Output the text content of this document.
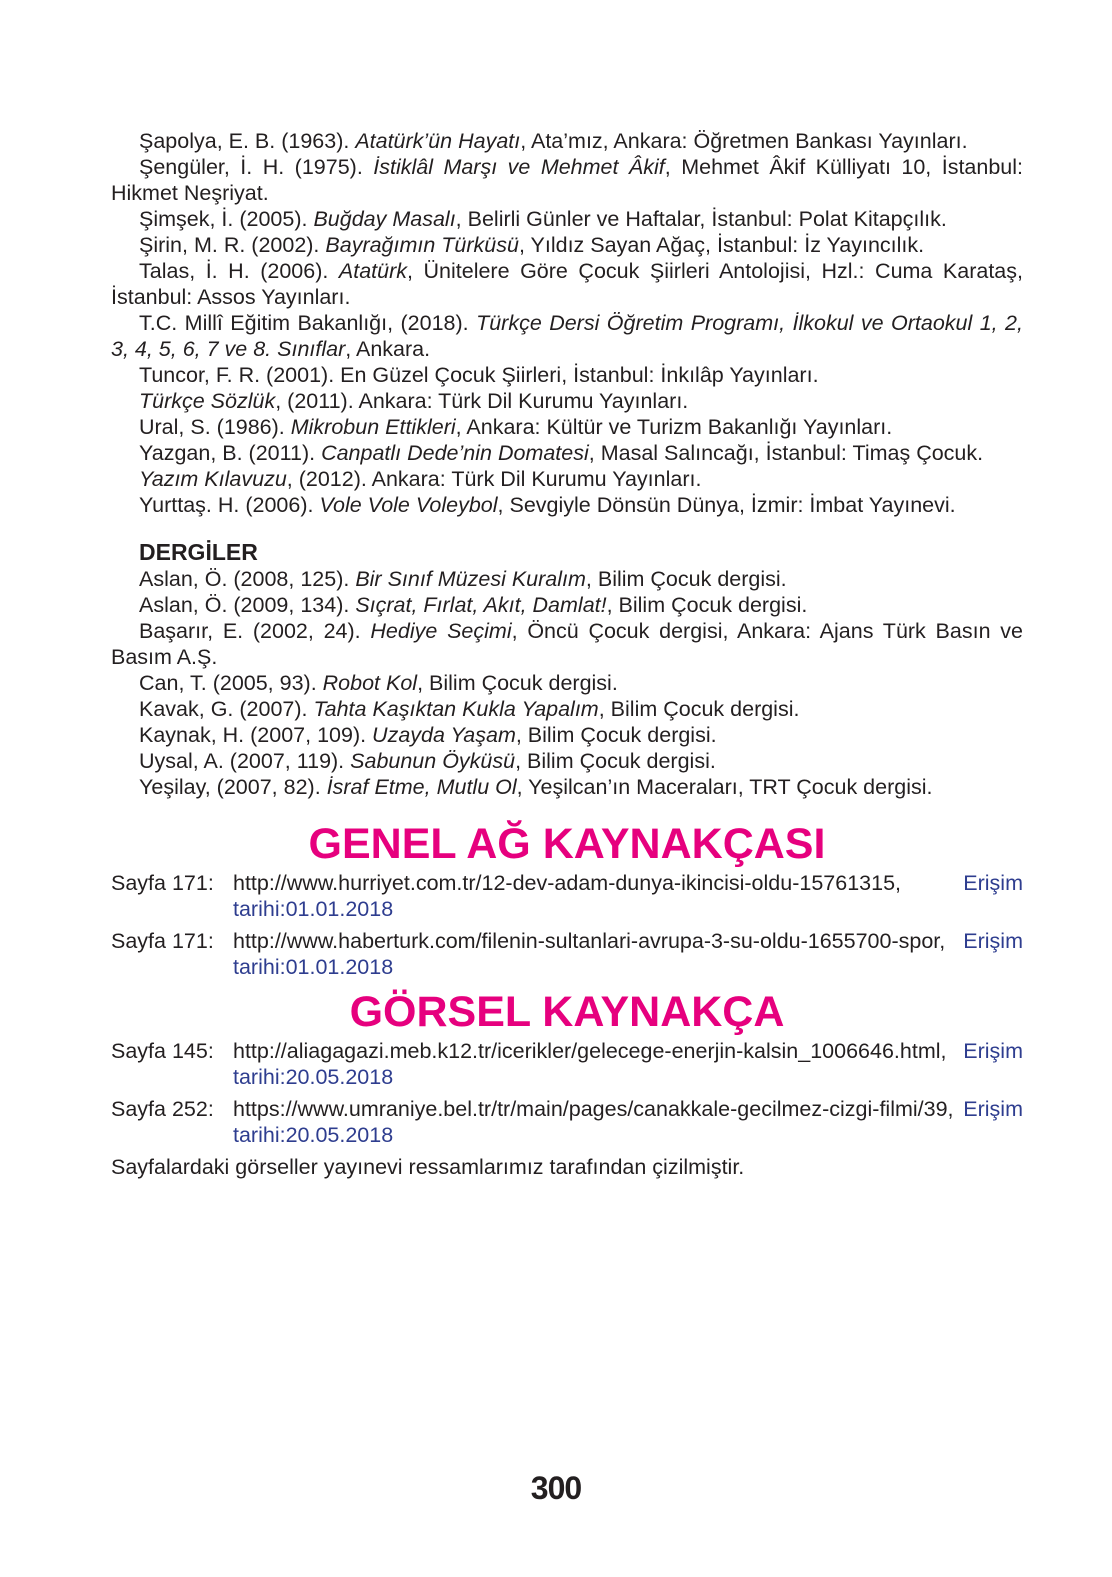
Şapolya, E. B. (1963). Atatürk’ün Hayatı, Ata’mız, Ankara: Öğretmen Bankası Yayınları.

Şengüler, İ. H. (1975). İstiklâl Marşı ve Mehmet Âkif, Mehmet Âkif Külliyatı 10, İstanbul: Hikmet Neşriyat.

Şimşek, İ. (2005). Buğday Masalı, Belirli Günler ve Haftalar, İstanbul: Polat Kitapçılık.

Şirin, M. R. (2002). Bayrağımın Türküsü, Yıldız Sayan Ağaç, İstanbul: İz Yayıncılık.

Talas, İ. H. (2006). Atatürk, Ünitelere Göre Çocuk Şiirleri Antolojisi, Hzl.: Cuma Karataş, İstanbul: Assos Yayınları.

T.C. Millî Eğitim Bakanlığı, (2018). Türkçe Dersi Öğretim Programı, İlkokul ve Ortaokul 1, 2, 3, 4, 5, 6, 7 ve 8. Sınıflar, Ankara.

Tuncor, F. R. (2001). En Güzel Çocuk Şiirleri, İstanbul: İnkılâp Yayınları.

Türkçe Sözlük, (2011). Ankara: Türk Dil Kurumu Yayınları.

Ural, S. (1986). Mikrobun Ettikleri, Ankara: Kültür ve Turizm Bakanlığı Yayınları.

Yazgan, B. (2011). Canpatlı Dede’nin Domatesi, Masal Salıncağı, İstanbul: Timaş Çocuk.

Yazım Kılavuzu, (2012). Ankara: Türk Dil Kurumu Yayınları.

Yurttaş. H. (2006). Vole Vole Voleybol, Sevgiyle Dönsün Dünya, İzmir: İmbat Yayınevi.

DERGİLER

Aslan, Ö. (2008, 125). Bir Sınıf Müzesi Kuralım, Bilim Çocuk dergisi.

Aslan, Ö. (2009, 134). Sıçrat, Fırlat, Akıt, Damlat!, Bilim Çocuk dergisi.

Başarır, E. (2002, 24). Hediye Seçimi, Öncü Çocuk dergisi, Ankara: Ajans Türk Basın ve Basım A.Ş.

Can, T. (2005, 93). Robot Kol, Bilim Çocuk dergisi.

Kavak, G. (2007). Tahta Kaşıktan Kukla Yapalım, Bilim Çocuk dergisi.

Kaynak, H. (2007, 109). Uzayda Yaşam, Bilim Çocuk dergisi.

Uysal, A. (2007, 119). Sabunun Öyküsü, Bilim Çocuk dergisi.

Yeşilay, (2007, 82). İsraf Etme, Mutlu Ol, Yeşilcan’ın Maceraları, TRT Çocuk dergisi.

GENEL AĞ KAYNAKÇASI
Sayfa 171: http://www.hurriyet.com.tr/12-dev-adam-dunya-ikincisi-oldu-15761315,	Erişim tarihi:01.01.2018
Sayfa 171: http://www.haberturk.com/filenin-sultanlari-avrupa-3-su-oldu-1655700-spor, Erişim tarihi:01.01.2018
GÖRSEL KAYNAKÇA
Sayfa 145: http://aliagagazi.meb.k12.tr/icerikler/gelecege-enerjin-kalsin_1006646.html, Erişim tarihi:20.05.2018
Sayfa 252: https://www.umraniye.bel.tr/tr/main/pages/canakkale-gecilmez-cizgi-filmi/39, Erişim tarihi:20.05.2018

Sayfalardaki görseller yayınevi ressamlarımız tarafından çizilmiştir.

300
